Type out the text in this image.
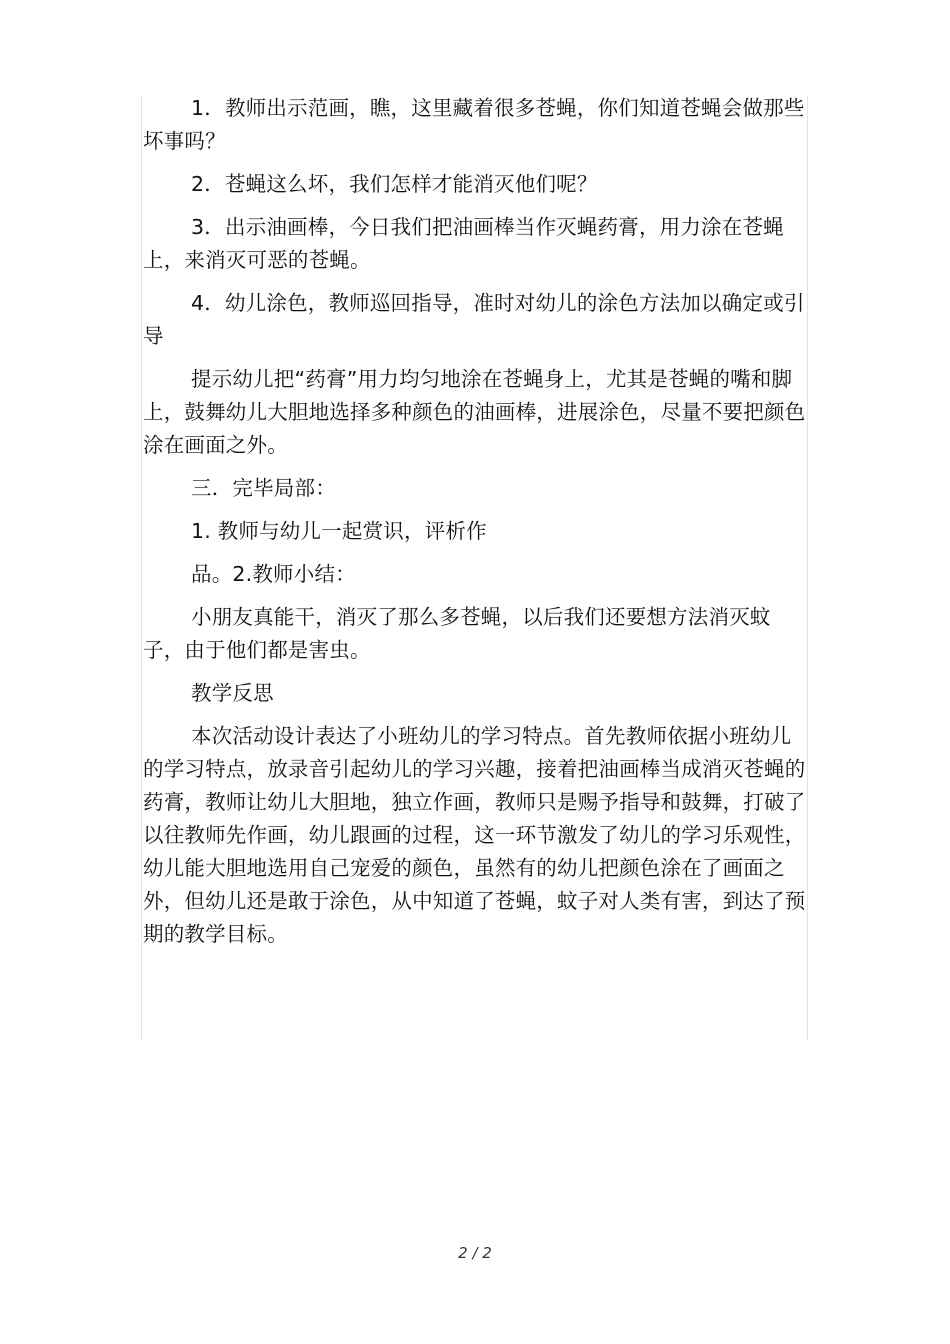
1．教师出示范画，瞧，这里藏着很多苍蝇，你们知道苍蝇会做那些坏事吗？

2．苍蝇这么坏，我们怎样才能消灭他们呢？

3．出示油画棒，今日我们把油画棒当作灭蝇药膏，用力涂在苍蝇上，来消灭可恶的苍蝇。

4．幼儿涂色，教师巡回指导，准时对幼儿的涂色方法加以确定或引导

提示幼儿把“药膏”用力均匀地涂在苍蝇身上，尤其是苍蝇的嘴和脚上，鼓舞幼儿大胆地选择多种颜色的油画棒，进展涂色，尽量不要把颜色涂在画面之外。

三．完毕局部：

1. 教师与幼儿一起赏识，评析作

品。2.教师小结：

小朋友真能干，消灭了那么多苍蝇，以后我们还要想方法消灭蚊子，由于他们都是害虫。

教学反思

本次活动设计表达了小班幼儿的学习特点。首先教师依据小班幼儿的学习特点，放录音引起幼儿的学习兴趣，接着把油画棒当成消灭苍蝇的药膏，教师让幼儿大胆地，独立作画，教师只是赐予指导和鼓舞，打破了以往教师先作画，幼儿跟画的过程，这一环节激发了幼儿的学习乐观性，幼儿能大胆地选用自己宠爱的颜色，虽然有的幼儿把颜色涂在了画面之外，但幼儿还是敢于涂色，从中知道了苍蝇，蚊子对人类有害，到达了预期的教学目标。

2 / 2
